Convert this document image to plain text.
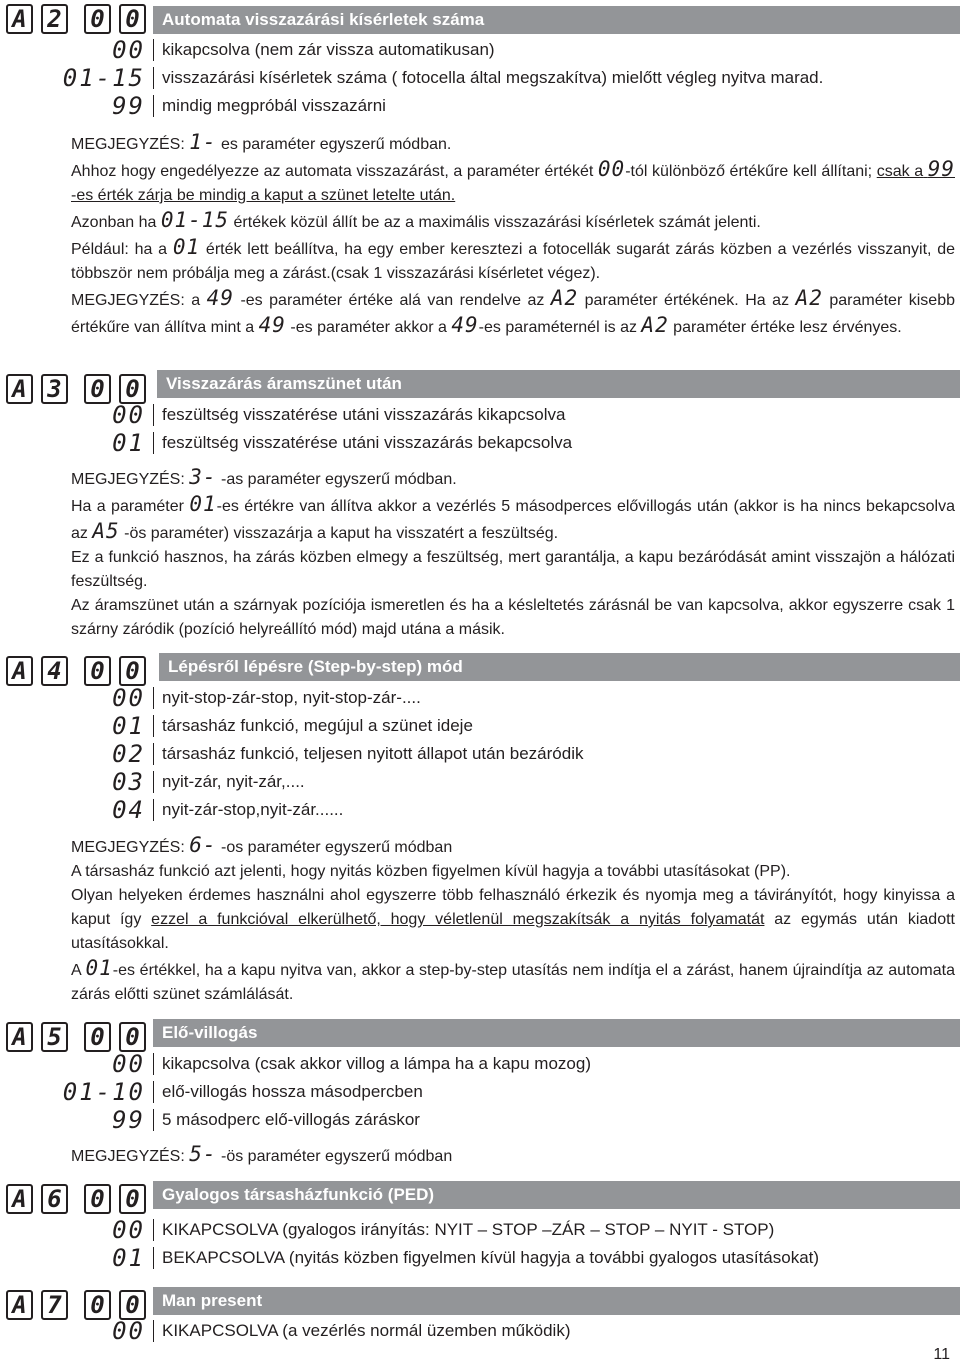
A 2 0 0	Automata visszazárási kísérletek száma
00	kikapcsolva (nem zár vissza automatikusan)
01-15	visszazárási kísérletek száma ( fotocella által megszakítva) mielőtt végleg nyitva marad.
99	mindig megpróbál visszazárni

MEGJEGYZÉS: 1- es paraméter egyszerű módban.

Ahhoz hogy engedélyezze az automata visszazárást, a paraméter értékét 00-tól különböző értékűre kell állítani; csak a 99 -es érték zárja be mindig a kaput a szünet letelte után.

Azonban ha 01-15 értékek közül állít be az a maximális visszazárási kísérletek számát jelenti.

Például: ha a 01 érték lett beállítva, ha egy ember keresztezi a fotocellák sugarát zárás közben a vezérlés visszanyit, de többször nem próbálja meg a zárást.(csak 1 visszazárási kísérletet végez).

MEGJEGYZÉS: a 49 -es paraméter értéke alá van rendelve az A2 paraméter értékének. Ha az A2 paraméter kisebb értékűre van állítva mint a 49 -es paraméter akkor a 49-es paraméternél is az A2 paraméter értéke lesz érvényes.

A 3 0 0	Visszazárás áramszünet után
00	feszültség visszatérése utáni visszazárás kikapcsolva
01	feszültség visszatérése utáni visszazárás bekapcsolva

MEGJEGYZÉS: 3- -as paraméter egyszerű módban.

Ha a paraméter 01-es értékre van állítva akkor a vezérlés 5 másodperces elővillogás után (akkor is ha nincs bekapcsolva az A5 -ös paraméter) visszazárja a kaput ha visszatért a feszültség.

Ez a funkció hasznos, ha zárás közben elmegy a feszültség, mert garantálja, a kapu bezáródását amint visszajön a hálózati feszültség.

Az áramszünet után a szárnyak pozíciója ismeretlen és ha a késleltetés zárásnál be van kapcsolva, akkor egyszerre csak 1 szárny záródik (pozíció helyreállító mód) majd utána a másik.

A 4 0 0	Lépésről lépésre (Step-by-step) mód
00	nyit-stop-zár-stop, nyit-stop-zár-....
01	társasház funkció, megújul a szünet ideje
02	társasház funkció, teljesen nyitott állapot után bezáródik
03	nyit-zár, nyit-zár,....
04	nyit-zár-stop,nyit-zár......

MEGJEGYZÉS: 6- -os paraméter egyszerű módban

A társasház funkció azt jelenti, hogy nyitás közben figyelmen kívül hagyja a további utasításokat (PP).

Olyan helyeken érdemes használni ahol egyszerre több felhasználó érkezik és nyomja meg a távirányítót, hogy kinyissa a kaput így ezzel a funkcióval elkerülhető, hogy véletlenül megszakítsák a nyitás folyamatát az egymás után kiadott utasításokkal.

A 01-es értékkel, ha a kapu nyitva van, akkor a step-by-step utasítás nem indítja el a zárást, hanem újraindítja az automata zárás előtti szünet számlálását.

A 5 0 0	Elő-villogás
00	kikapcsolva (csak akkor villog a lámpa ha a kapu mozog)
01-10	elő-villogás hossza másodpercben
99	5 másodperc elő-villogás záráskor

MEGJEGYZÉS: 5- -ös paraméter egyszerű módban

A 6 0 0	Gyalogos társasházfunkció (PED)
00	KIKAPCSOLVA (gyalogos irányítás: NYIT – STOP –ZÁR – STOP – NYIT - STOP)
01	BEKAPCSOLVA (nyitás közben figyelmen kívül hagyja a további gyalogos utasításokat)
A 7 0 0	Man present
00	KIKAPCSOLVA (a vezérlés normál üzemben működik)
11
